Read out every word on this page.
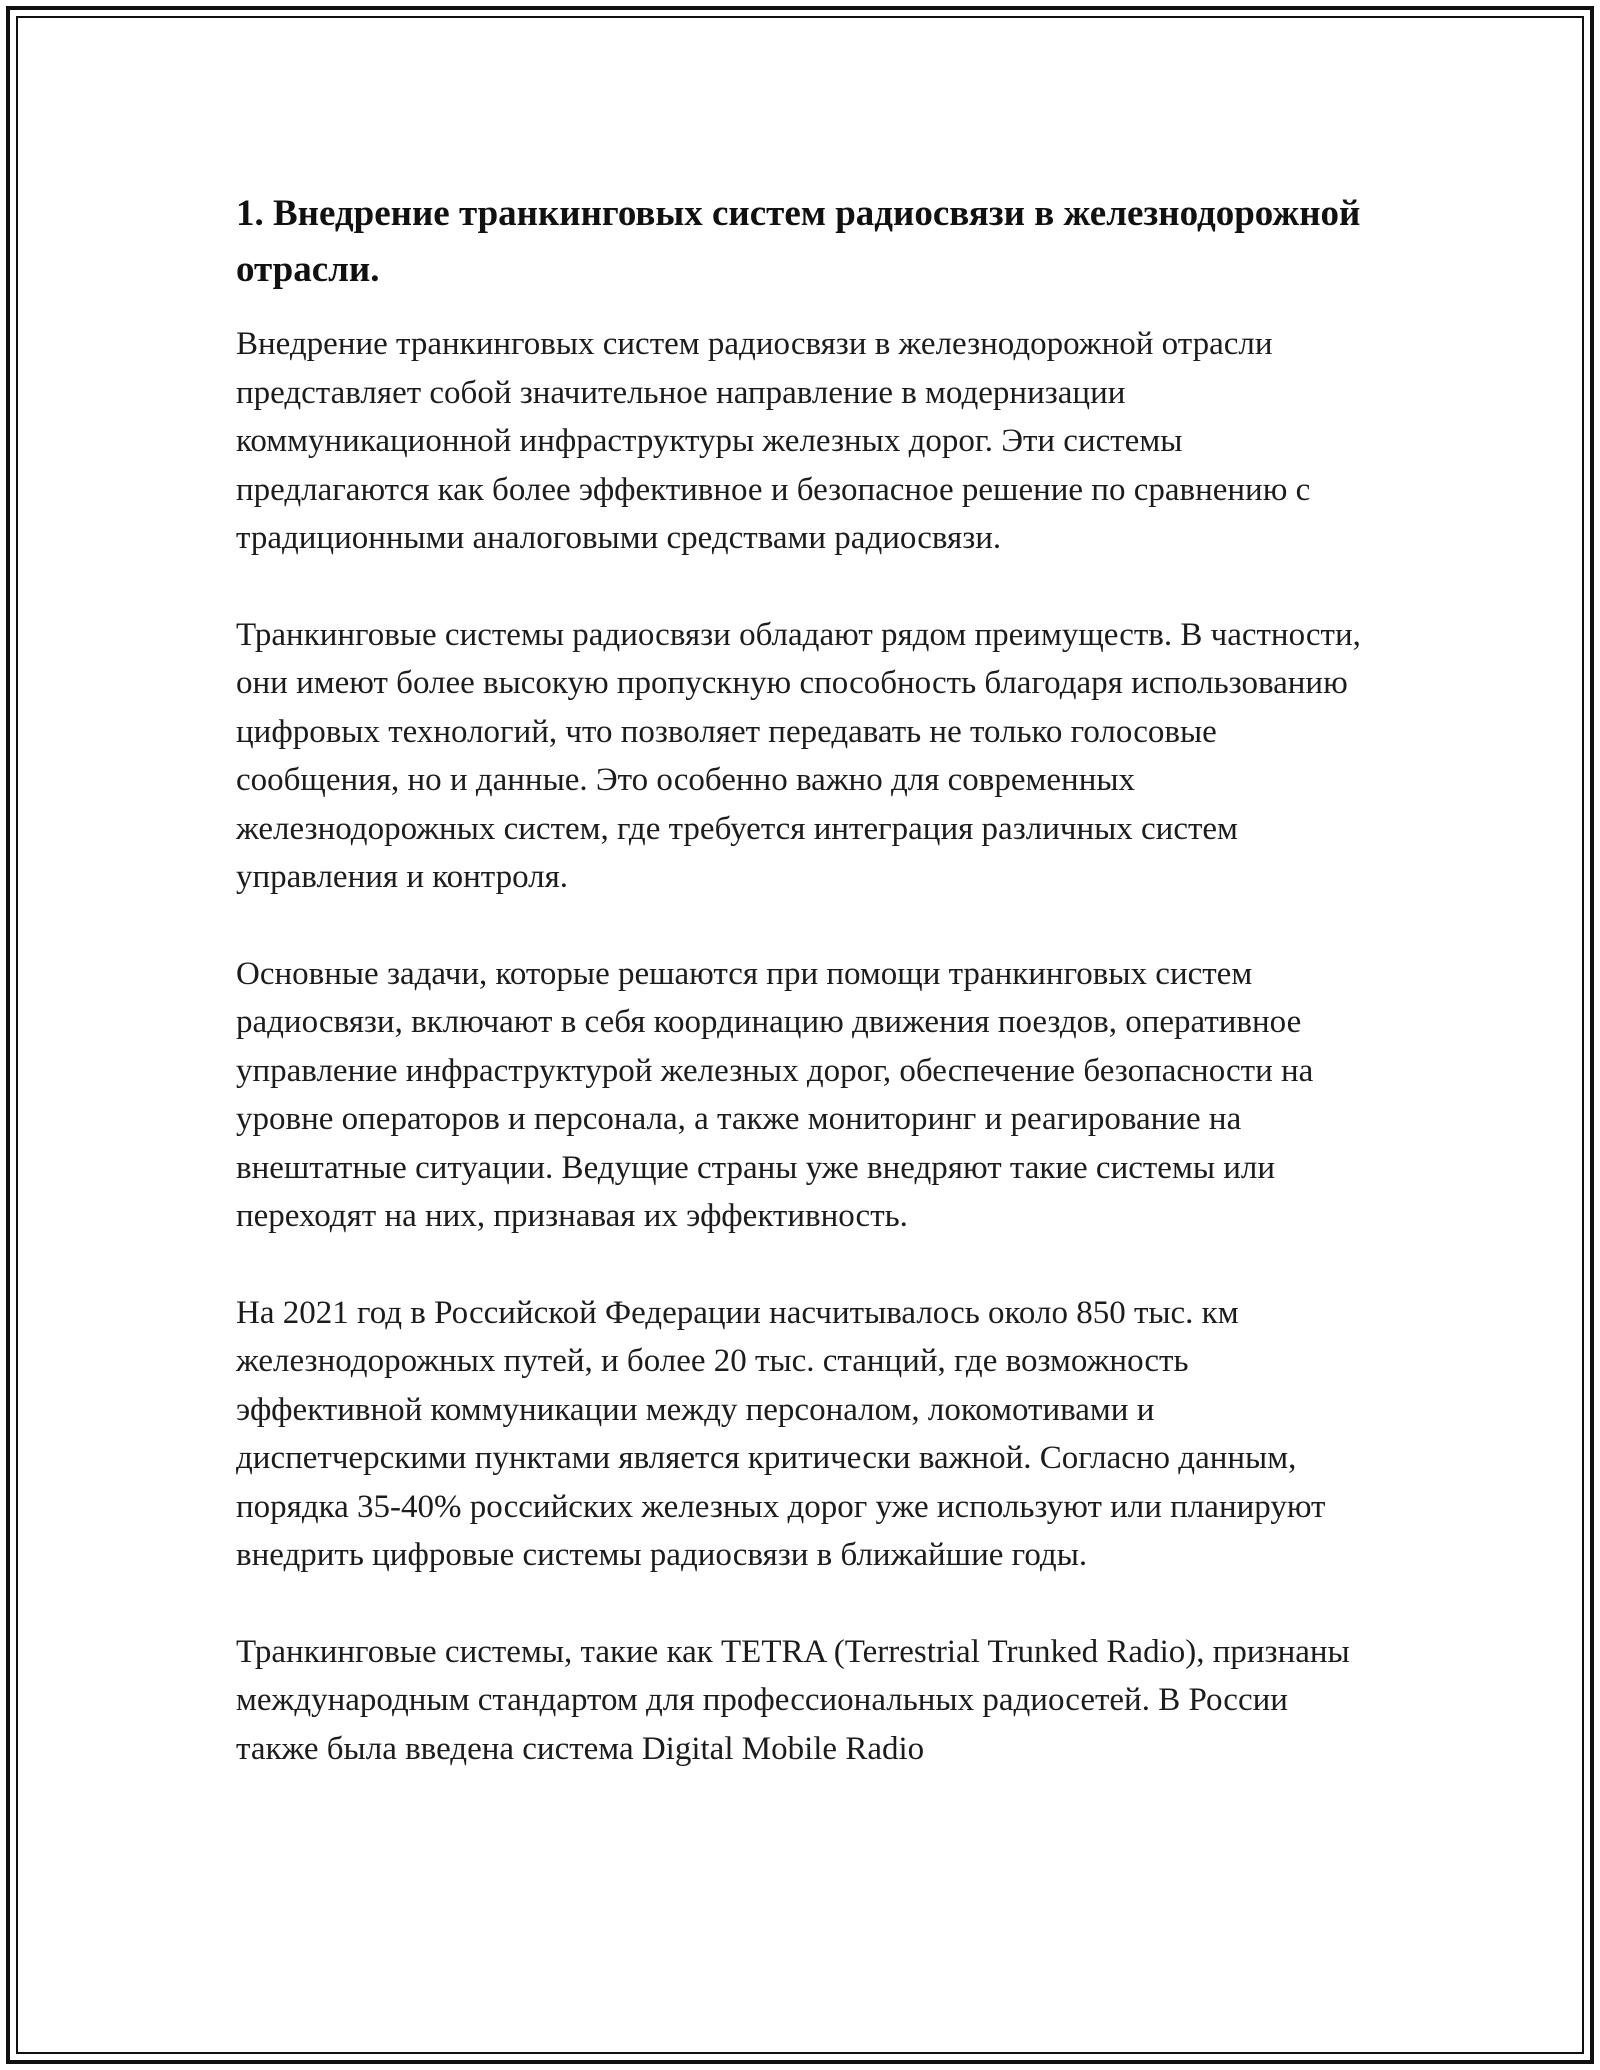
1. Внедрение транкинговых систем радиосвязи в железнодорожной отрасли.

Внедрение транкинговых систем радиосвязи в железнодорожной отрасли представляет собой значительное направление в модернизации коммуникационной инфраструктуры железных дорог. Эти системы предлагаются как более эффективное и безопасное решение по сравнению с традиционными аналоговыми средствами радиосвязи.

Транкинговые системы радиосвязи обладают рядом преимуществ. В частности, они имеют более высокую пропускную способность благодаря использованию цифровых технологий, что позволяет передавать не только голосовые сообщения, но и данные. Это особенно важно для современных железнодорожных систем, где требуется интеграция различных систем управления и контроля.

Основные задачи, которые решаются при помощи транкинговых систем радиосвязи, включают в себя координацию движения поездов, оперативное управление инфраструктурой железных дорог, обеспечение безопасности на уровне операторов и персонала, а также мониторинг и реагирование на внештатные ситуации. Ведущие страны уже внедряют такие системы или переходят на них, признавая их эффективность.

На 2021 год в Российской Федерации насчитывалось около 850 тыс. км железнодорожных путей, и более 20 тыс. станций, где возможность эффективной коммуникации между персоналом, локомотивами и диспетчерскими пунктами является критически важной. Согласно данным, порядка 35-40% российских железных дорог уже используют или планируют внедрить цифровые системы радиосвязи в ближайшие годы.

Транкинговые системы, такие как TETRA (Terrestrial Trunked Radio), признаны международным стандартом для профессиональных радиосетей. В России также была введена система Digital Mobile Radio
